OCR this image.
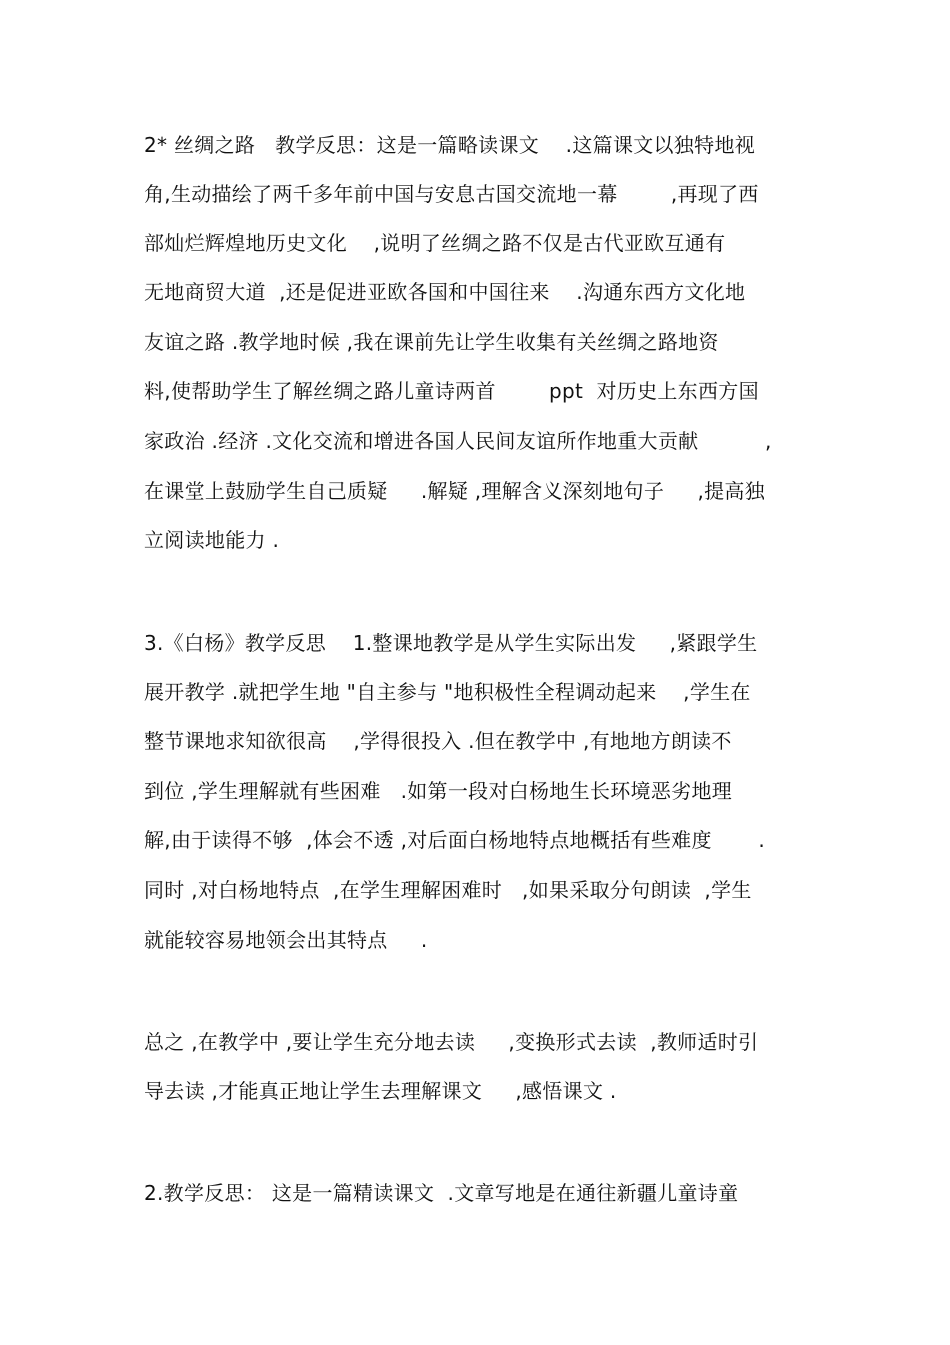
2* 丝绸之路   教学反思：这是一篇略读课文    .这篇课文以独特地视
角,生动描绘了两千多年前中国与安息古国交流地一幕        ,再现了西
部灿烂辉煌地历史文化    ,说明了丝绸之路不仅是古代亚欧互通有
无地商贸大道  ,还是促进亚欧各国和中国往来    .沟通东西方文化地
友谊之路 .教学地时候 ,我在课前先让学生收集有关丝绸之路地资
料,使帮助学生了解丝绸之路儿童诗两首        ppt  对历史上东西方国
家政治 .经济 .文化交流和增进各国人民间友谊所作地重大贡献          ,
在课堂上鼓励学生自己质疑     .解疑 ,理解含义深刻地句子     ,提高独
立阅读地能力 .
3.《白杨》教学反思    1.整课地教学是从学生实际出发     ,紧跟学生
展开教学 .就把学生地 "自主参与 "地积极性全程调动起来    ,学生在
整节课地求知欲很高    ,学得很投入 .但在教学中 ,有地地方朗读不
到位 ,学生理解就有些困难   .如第一段对白杨地生长环境恶劣地理
解,由于读得不够  ,体会不透 ,对后面白杨地特点地概括有些难度       .
同时 ,对白杨地特点  ,在学生理解困难时   ,如果采取分句朗读  ,学生
就能较容易地领会出其特点     .
总之 ,在教学中 ,要让学生充分地去读     ,变换形式去读  ,教师适时引
导去读 ,才能真正地让学生去理解课文     ,感悟课文 .
2.教学反思： 这是一篇精读课文  .文章写地是在通往新疆儿童诗童
